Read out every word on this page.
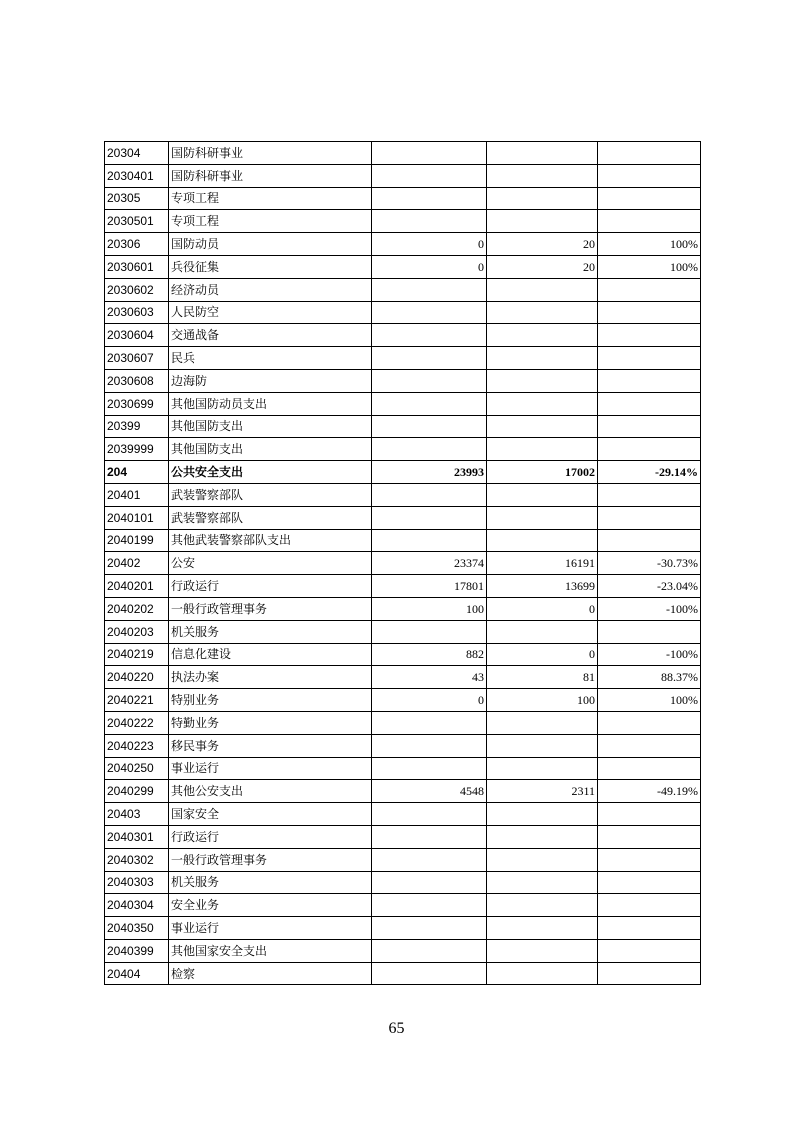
20304	国防科研事业			
2030401	国防科研事业			
20305	专项工程			
2030501	专项工程			
20306	国防动员	0	20	100%
2030601	兵役征集	0	20	100%
2030602	经济动员			
2030603	人民防空			
2030604	交通战备			
2030607	民兵			
2030608	边海防			
2030699	其他国防动员支出			
20399	其他国防支出			
2039999	其他国防支出			
204	公共安全支出	23993	17002	-29.14%
20401	武装警察部队			
2040101	武装警察部队			
2040199	其他武装警察部队支出			
20402	公安	23374	16191	-30.73%
2040201	行政运行	17801	13699	-23.04%
2040202	一般行政管理事务	100	0	-100%
2040203	机关服务			
2040219	信息化建设	882	0	-100%
2040220	执法办案	43	81	88.37%
2040221	特别业务	0	100	100%
2040222	特勤业务			
2040223	移民事务			
2040250	事业运行			
2040299	其他公安支出	4548	2311	-49.19%
20403	国家安全			
2040301	行政运行			
2040302	一般行政管理事务			
2040303	机关服务			
2040304	安全业务			
2040350	事业运行			
2040399	其他国家安全支出			
20404	检察			
65
